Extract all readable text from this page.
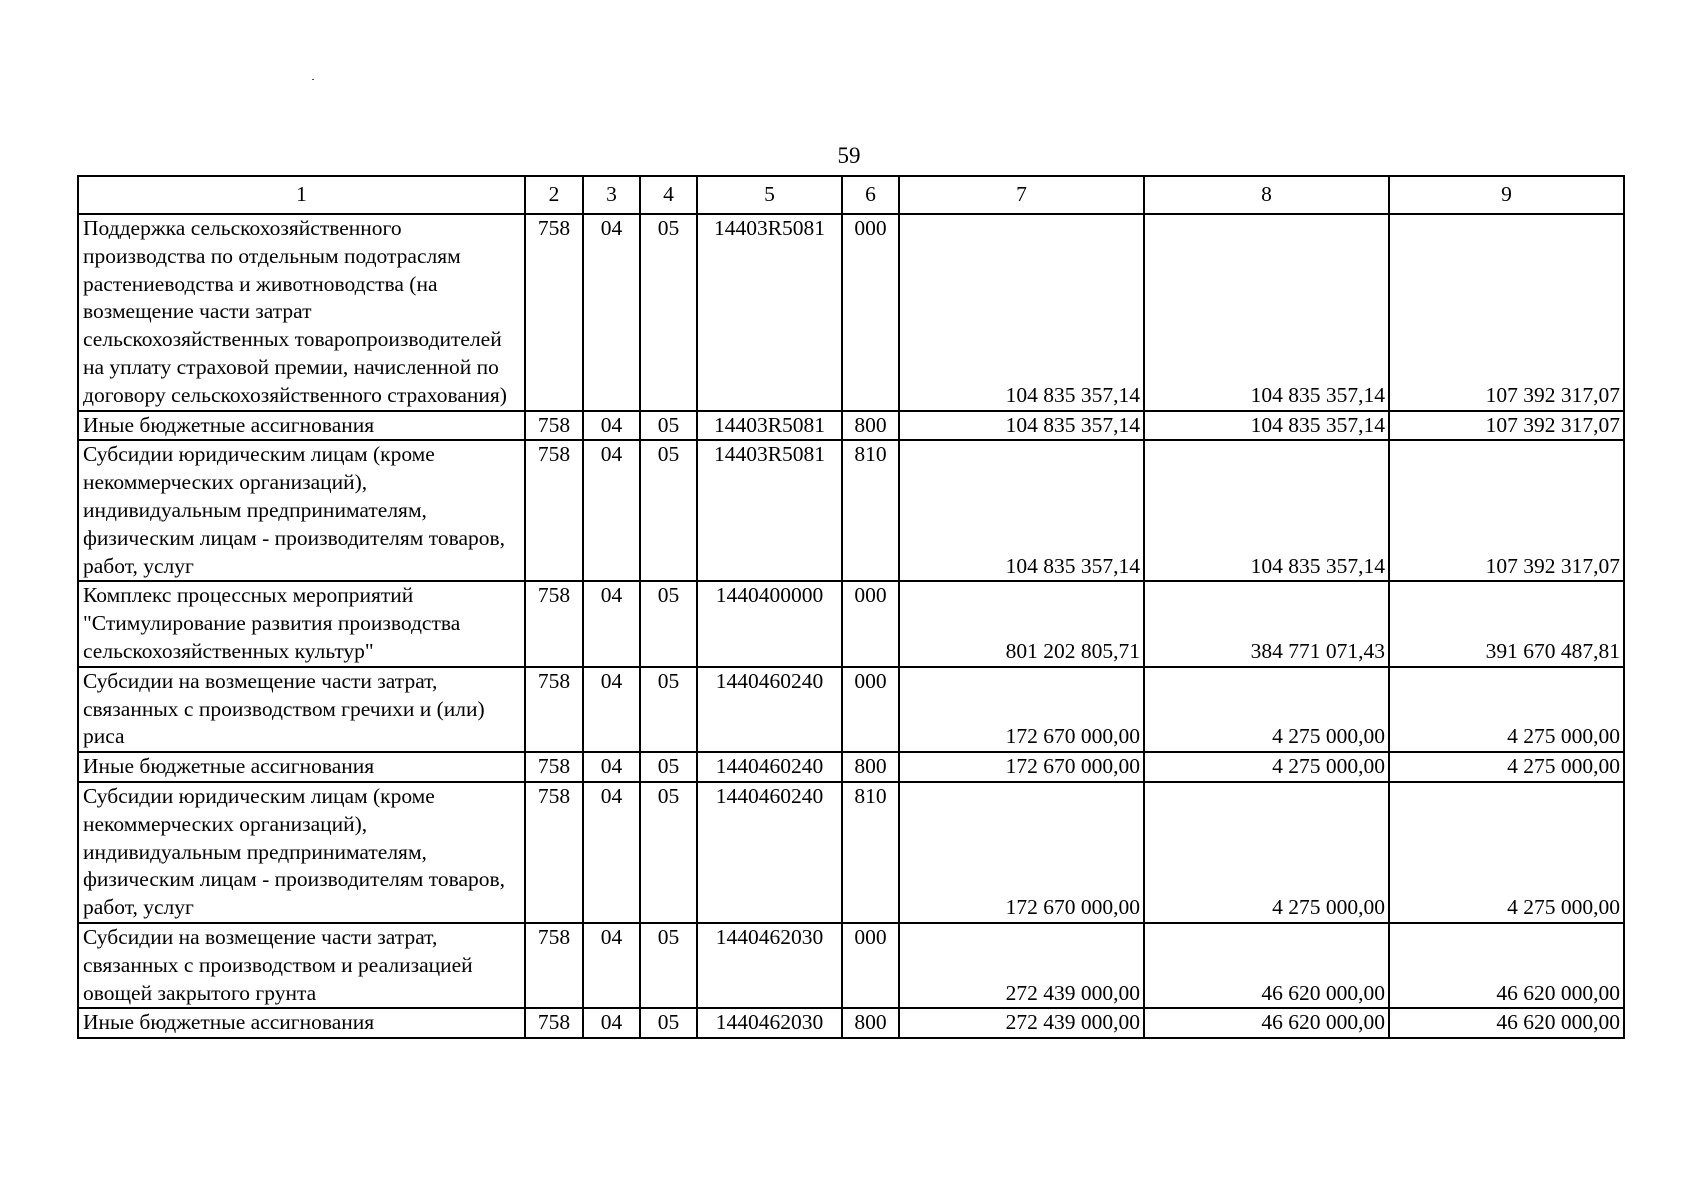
59
1	2	3	4	5	6	7	8	9
Поддержка сельскохозяйственного производства по отдельным подотраслям растениеводства и животноводства (на возмещение части затрат сельскохозяйственных товаропроизводителей на уплату страховой премии, начисленной по договору сельскохозяйственного страхования)	758	04	05	14403R5081	000	104 835 357,14	104 835 357,14	107 392 317,07
Иные бюджетные ассигнования	758	04	05	14403R5081	800	104 835 357,14	104 835 357,14	107 392 317,07
Субсидии юридическим лицам (кроме некоммерческих организаций), индивидуальным предпринимателям, физическим лицам - производителям товаров, работ, услуг	758	04	05	14403R5081	810	104 835 357,14	104 835 357,14	107 392 317,07
Комплекс процессных мероприятий "Стимулирование развития производства сельскохозяйственных культур"	758	04	05	1440400000	000	801 202 805,71	384 771 071,43	391 670 487,81
Субсидии на возмещение части затрат, связанных с производством гречихи и (или) риса	758	04	05	1440460240	000	172 670 000,00	4 275 000,00	4 275 000,00
Иные бюджетные ассигнования	758	04	05	1440460240	800	172 670 000,00	4 275 000,00	4 275 000,00
Субсидии юридическим лицам (кроме некоммерческих организаций), индивидуальным предпринимателям, физическим лицам - производителям товаров, работ, услуг	758	04	05	1440460240	810	172 670 000,00	4 275 000,00	4 275 000,00
Субсидии на возмещение части затрат, связанных с производством и реализацией овощей закрытого грунта	758	04	05	1440462030	000	272 439 000,00	46 620 000,00	46 620 000,00
Иные бюджетные ассигнования	758	04	05	1440462030	800	272 439 000,00	46 620 000,00	46 620 000,00
